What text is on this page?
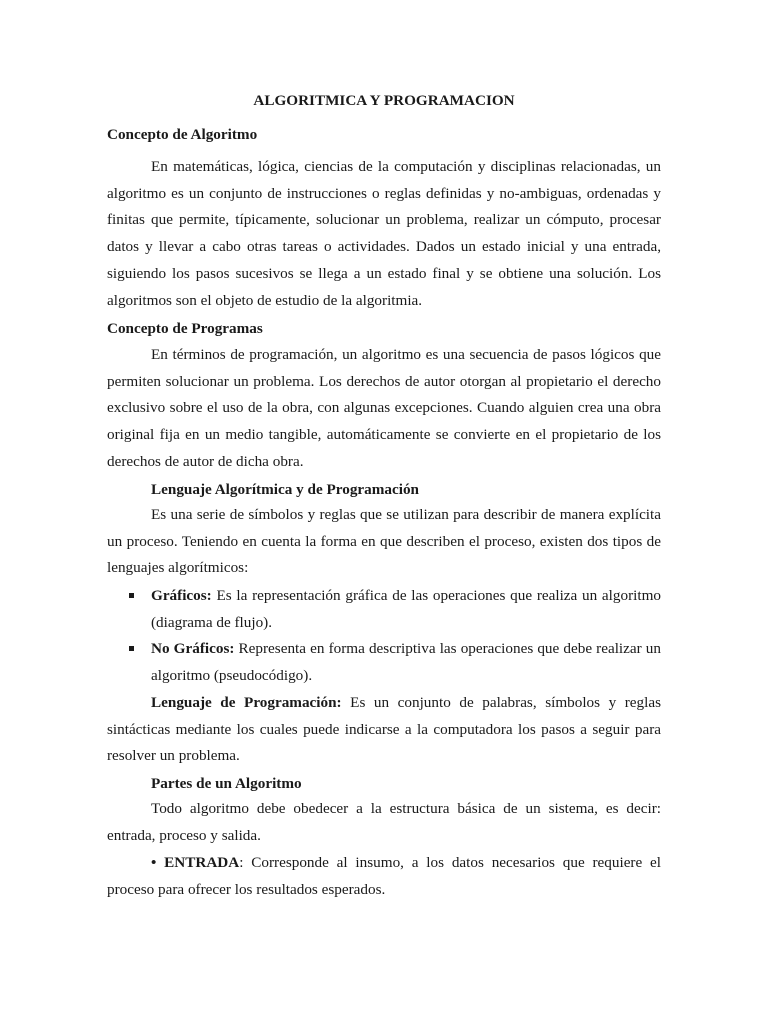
ALGORITMICA Y PROGRAMACION
Concepto de Algoritmo
En matemáticas, lógica, ciencias de la computación y disciplinas relacionadas, un algoritmo es un conjunto de instrucciones o reglas definidas y no-ambiguas, ordenadas y finitas que permite, típicamente, solucionar un problema, realizar un cómputo, procesar datos y llevar a cabo otras tareas o actividades. Dados un estado inicial y una entrada, siguiendo los pasos sucesivos se llega a un estado final y se obtiene una solución. Los algoritmos son el objeto de estudio de la algoritmia.
Concepto de Programas
En términos de programación, un algoritmo es una secuencia de pasos lógicos que permiten solucionar un problema. Los derechos de autor otorgan al propietario el derecho exclusivo sobre el uso de la obra, con algunas excepciones. Cuando alguien crea una obra original fija en un medio tangible, automáticamente se convierte en el propietario de los derechos de autor de dicha obra.
Lenguaje Algorítmica y de Programación
Es una serie de símbolos y reglas que se utilizan para describir de manera explícita un proceso. Teniendo en cuenta la forma en que describen el proceso, existen dos tipos de lenguajes algorítmicos:
Gráficos: Es la representación gráfica de las operaciones que realiza un algoritmo (diagrama de flujo).
No Gráficos: Representa en forma descriptiva las operaciones que debe realizar un algoritmo (pseudocódigo).
Lenguaje de Programación: Es un conjunto de palabras, símbolos y reglas sintácticas mediante los cuales puede indicarse a la computadora los pasos a seguir para resolver un problema.
Partes de un Algoritmo
Todo algoritmo debe obedecer a la estructura básica de un sistema, es decir: entrada, proceso y salida.
• ENTRADA: Corresponde al insumo, a los datos necesarios que requiere el proceso para ofrecer los resultados esperados.
